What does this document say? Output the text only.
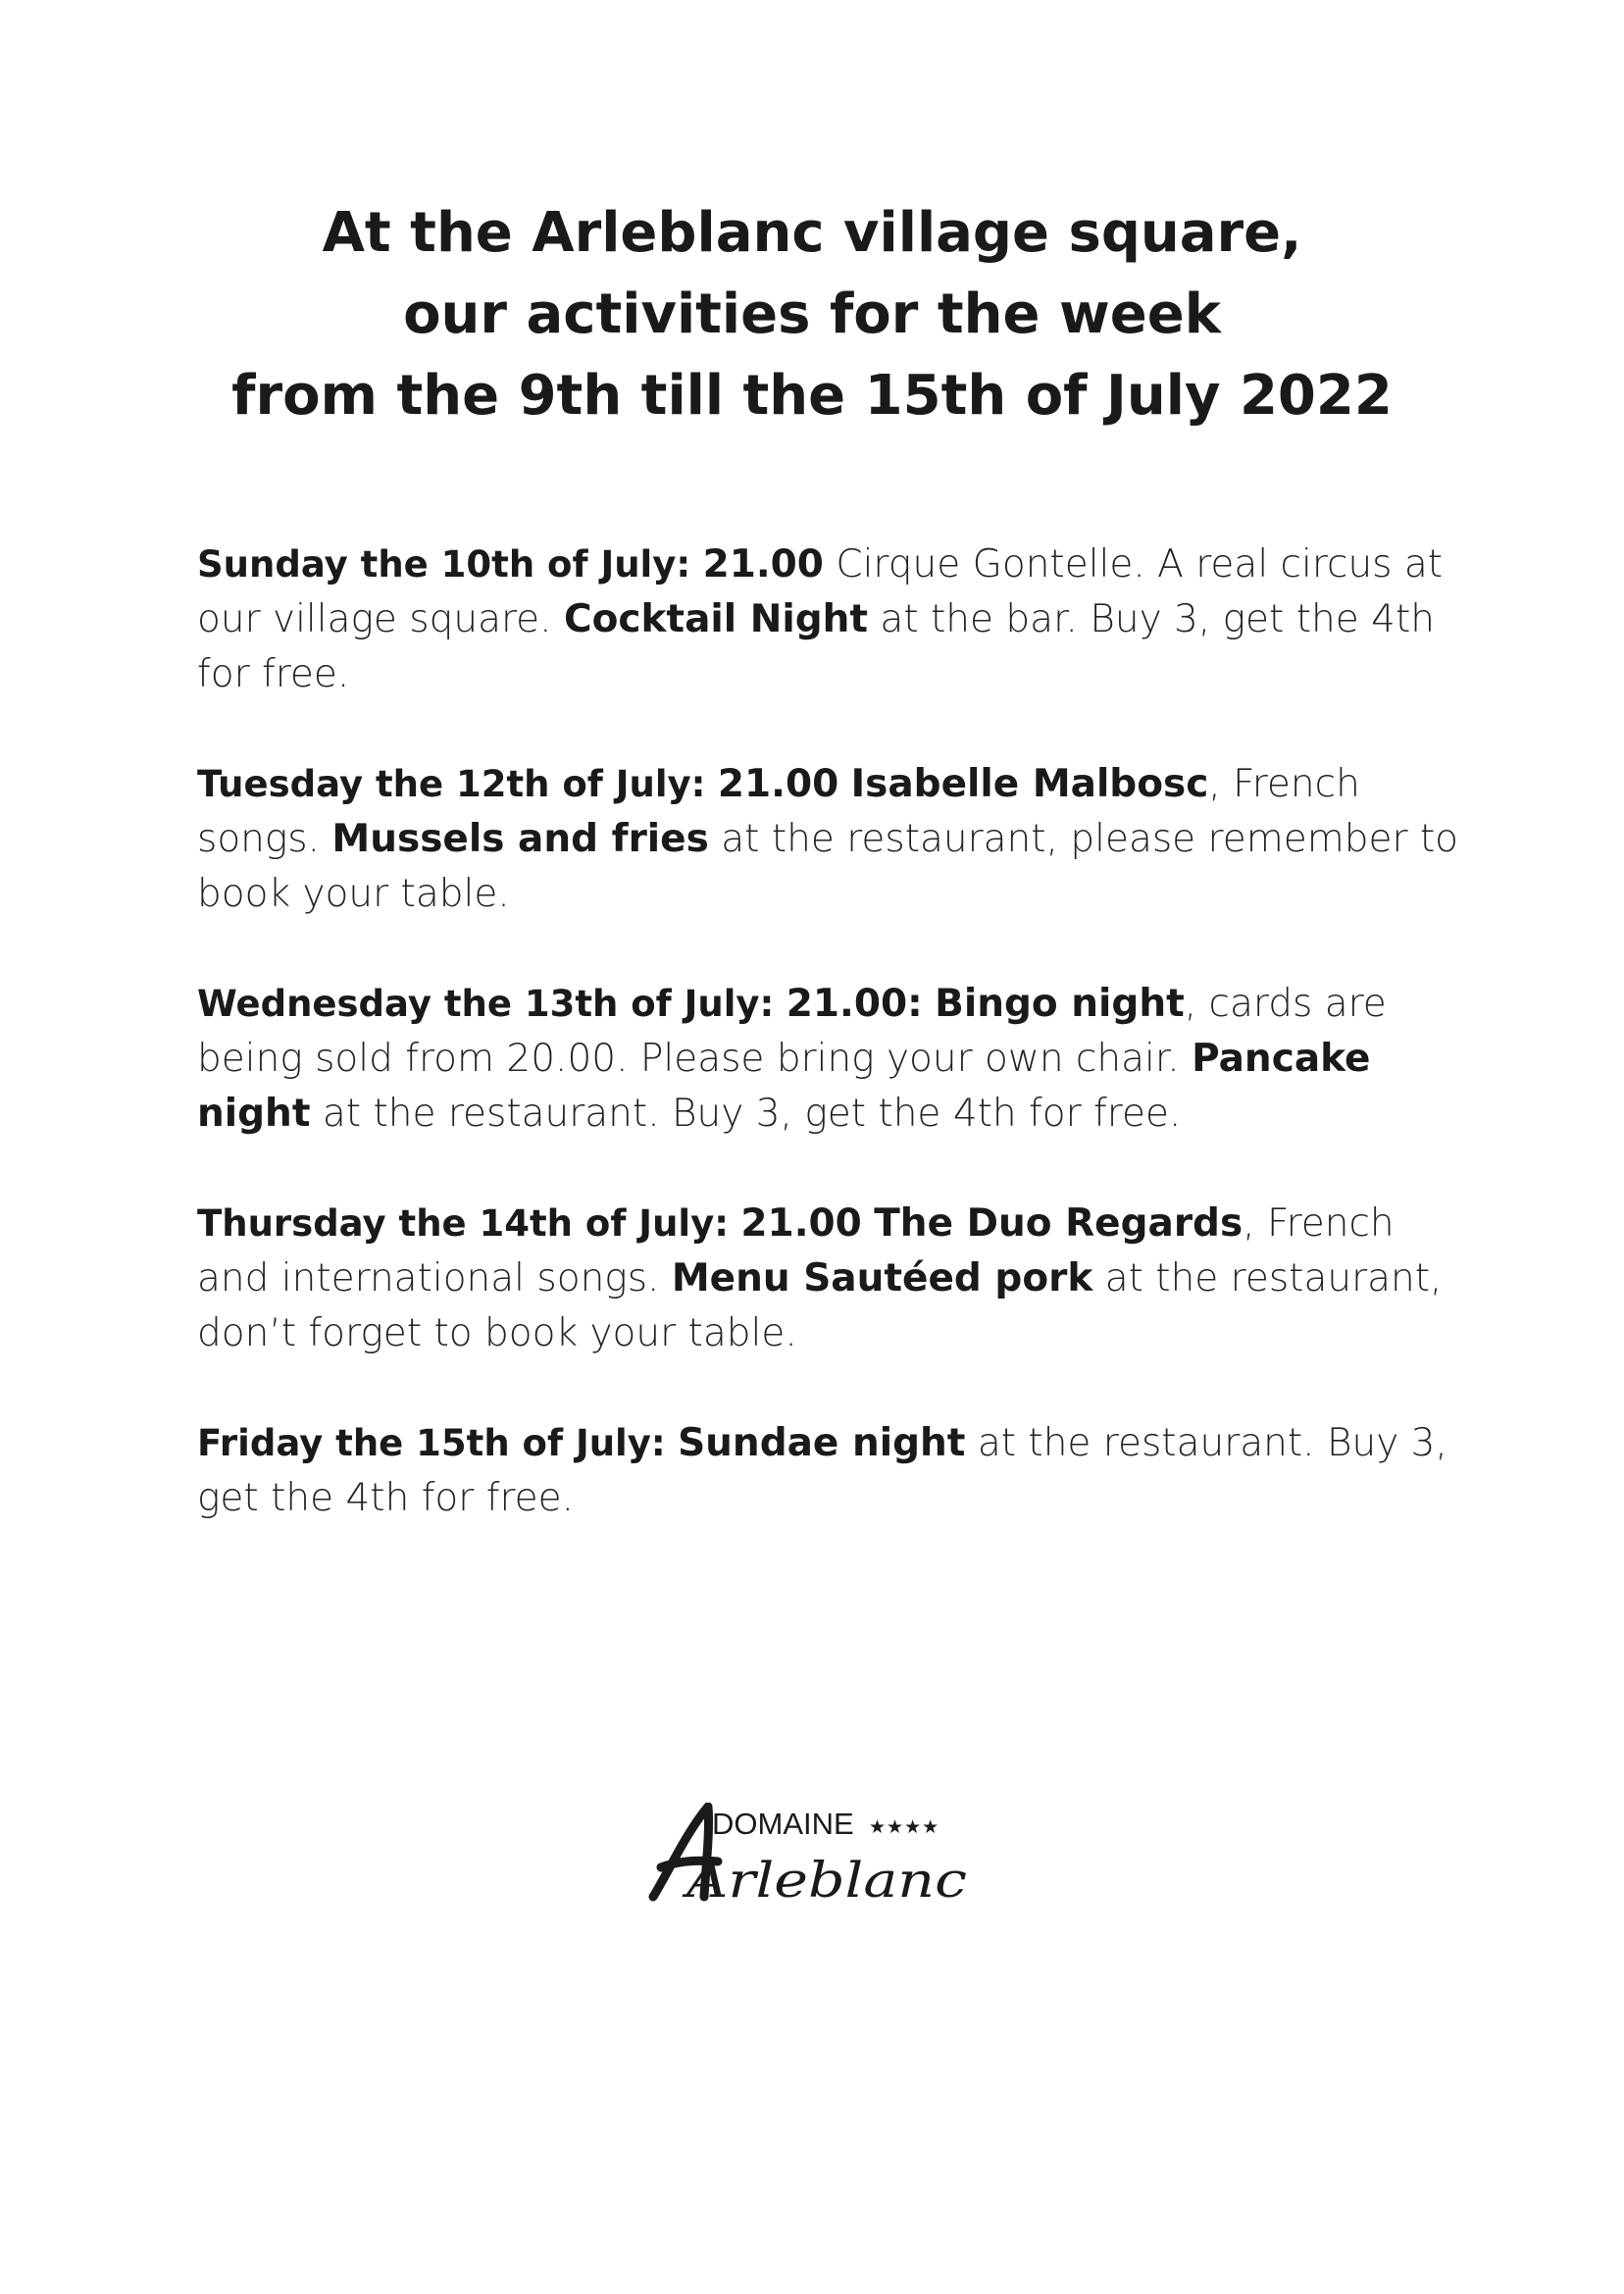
At the Arleblanc village square,
our activities for the week
from the 9th till the 15th of July 2022
Sunday the 10th of July: 21.00 Cirque Gontelle. A real circus at our village square. Cocktail Night at the bar. Buy 3, get the 4th for free.
Tuesday the 12th of July: 21.00 Isabelle Malbosc, French songs. Mussels and fries at the restaurant, please remember to book your table.
Wednesday the 13th of July: 21.00: Bingo night, cards are being sold from 20.00. Please bring your own chair. Pancake night at the restaurant. Buy 3, get the 4th for free.
Thursday the 14th of July: 21.00 The Duo Regards, French and international songs. Menu Sautéed pork at the restaurant, don’t forget to book your table.
Friday the 15th of July: Sundae night at the restaurant. Buy 3, get the 4th for free.
DOMAINE ★★★★
Arleblanc
